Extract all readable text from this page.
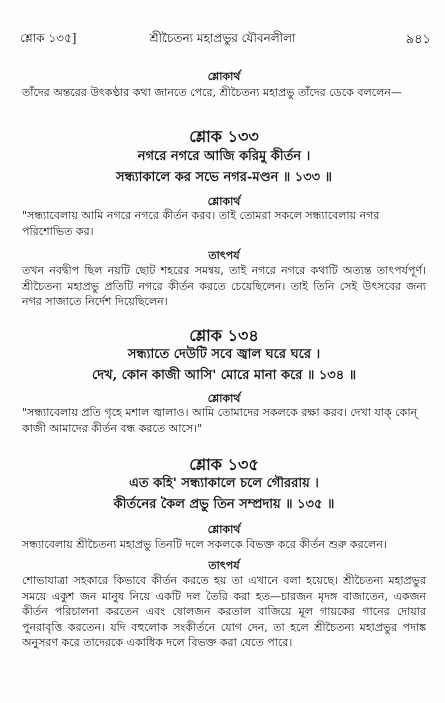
শ্লোক ১৩৫]	শ্রীচৈতন্য মহাপ্রভুর যৌবনলীলা	৯৪১
শ্লোকার্থ
তাঁদের অন্তরের উৎকণ্ঠার কথা জানতে পেরে, শ্রীচৈতন্য মহাপ্রভু তাঁদের ডেকে বললেন—
শ্লোক ১৩৩
নগরে নগরে আজি করিমু কীর্তন ।
সন্ধ্যাকালে কর সভে নগর-মণ্ডন ॥ ১৩৩ ॥
শ্লোকার্থ
"সন্ধ্যাবেলায় আমি নগরে নগরে কীর্তন করব। তাই তোমরা সকলে সন্ধ্যাবেলায় নগর পরিশোভিত কর।
তাৎপর্য
তখন নবদ্বীপ ছিল নয়টি ছোট শহরের সমন্বয়, তাই নগরে নগরে কথাটি অত্যন্ত তাৎপর্যপূর্ণ। শ্রীচৈতন্য মহাপ্রভু প্রতিটি নগরে কীর্তন করতে চেয়েছিলেন। তাই তিনি সেই উৎসবের জন্য নগর সাজাতে নির্দেশ দিয়েছিলেন।
শ্লোক ১৩৪
সন্ধ্যাতে দেউটি সবে জ্বাল ঘরে ঘরে ।
দেখ, কোন কাজী আসি' মোরে মানা করে ॥ ১৩৪ ॥
শ্লোকার্থ
"সন্ধ্যাবেলায় প্রতি গৃহে মশাল জ্বালাও। আমি তোমাদের সকলকে রক্ষা করব। দেখা যাক্ কোন্ কাজী আমাদের কীর্তন বন্ধ করতে আসে।"
শ্লোক ১৩৫
এত কহি' সন্ধ্যাকালে চলে গৌররায় ।
কীর্তনের কৈল প্রভু তিন সম্প্রদায় ॥ ১৩৫ ॥
শ্লোকার্থ
সন্ধ্যাবেলায় শ্রীচৈতন্য মহাপ্রভু তিনটি দলে সকলকে বিভক্ত করে কীর্তন শুরু করলেন।
তাৎপর্য
শোভাযাত্রা সহকারে কিভাবে কীর্তন করতে হয় তা এখানে বলা হয়েছে। শ্রীচৈতন্য মহাপ্রভুর সময়ে একুশ জন মানুষ নিয়ে একটি দল তৈরি করা হত—চারজন মৃদঙ্গ বাজাতেন, একজন কীর্তন পরিচালনা করতেন এবং ষোলজন করতাল বাজিয়ে মূল গায়কের গানের দোয়ার পুনরাবৃত্তি করতেন। যদি বহুলোক সংকীর্তনে যোগ দেন, তা হলে শ্রীচৈতন্য মহাপ্রভুর পদাঙ্ক অনুসরণ করে তাদেরকে একাধিক দলে বিভক্ত করা যেতে পারে।
